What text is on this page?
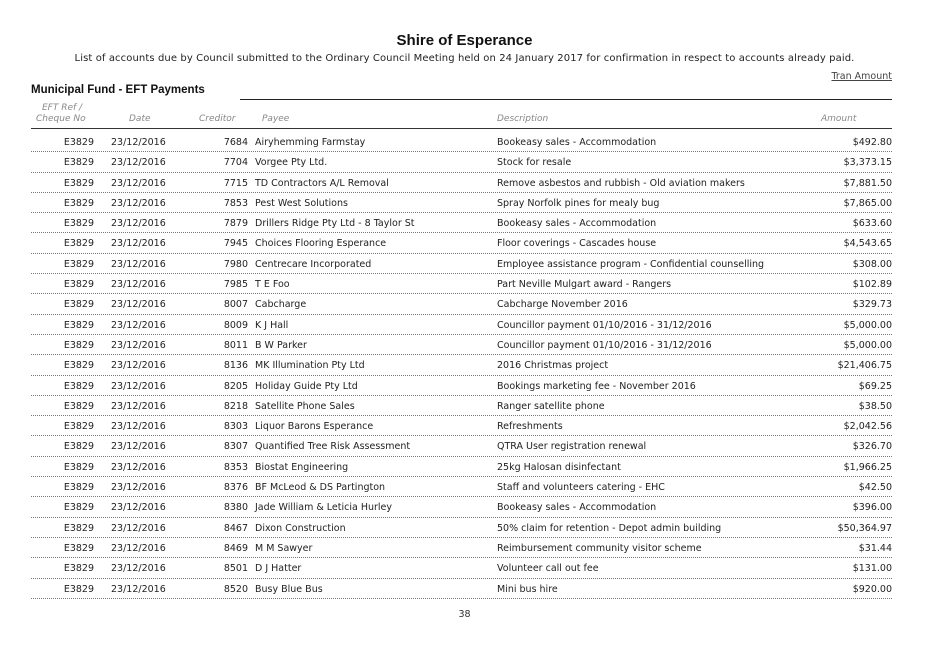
Shire of Esperance
List of accounts due by Council submitted to the Ordinary Council Meeting held on 24 January 2017 for confirmation in respect to accounts already paid.
Tran Amount
Municipal Fund - EFT Payments
EFT Ref /
Cheque No	Date	Creditor	Payee	Description	Amount
E3829 23/12/2016	7684 Airyhemming Farmstay	Bookeasy sales - Accommodation	$492.80
E3829 23/12/2016	7704 Vorgee Pty Ltd.	Stock for resale	$3,373.15
E3829 23/12/2016	7715 TD Contractors A/L Removal	Remove asbestos and rubbish - Old aviation makers	$7,881.50
E3829 23/12/2016	7853 Pest West Solutions	Spray Norfolk pines for mealy bug	$7,865.00
E3829 23/12/2016	7879 Drillers Ridge Pty Ltd - 8 Taylor St	Bookeasy sales - Accommodation	$633.60
E3829 23/12/2016	7945 Choices Flooring Esperance	Floor coverings - Cascades house	$4,543.65
E3829 23/12/2016	7980 Centrecare Incorporated	Employee assistance program - Confidential counselling	$308.00
E3829 23/12/2016	7985 T E Foo	Part Neville Mulgart award - Rangers	$102.89
E3829 23/12/2016	8007 Cabcharge	Cabcharge November 2016	$329.73
E3829 23/12/2016	8009 K J Hall	Councillor payment 01/10/2016 - 31/12/2016	$5,000.00
E3829 23/12/2016	8011 B W Parker	Councillor payment 01/10/2016 - 31/12/2016	$5,000.00
E3829 23/12/2016	8136 MK Illumination Pty Ltd	2016 Christmas project	$21,406.75
E3829 23/12/2016	8205 Holiday Guide Pty Ltd	Bookings marketing fee - November 2016	$69.25
E3829 23/12/2016	8218 Satellite Phone Sales	Ranger satellite phone	$38.50
E3829 23/12/2016	8303 Liquor Barons Esperance	Refreshments	$2,042.56
E3829 23/12/2016	8307 Quantified Tree Risk Assessment	QTRA User registration renewal	$326.70
E3829 23/12/2016	8353 Biostat Engineering	25kg Halosan disinfectant	$1,966.25
E3829 23/12/2016	8376 BF McLeod & DS Partington	Staff and volunteers catering - EHC	$42.50
E3829 23/12/2016	8380 Jade William & Leticia Hurley	Bookeasy sales - Accommodation	$396.00
E3829 23/12/2016	8467 Dixon Construction	50% claim for retention - Depot admin building	$50,364.97
E3829 23/12/2016	8469 M M Sawyer	Reimbursement community visitor scheme	$31.44
E3829 23/12/2016	8501 D J Hatter	Volunteer call out fee	$131.00
E3829 23/12/2016	8520 Busy Blue Bus	Mini bus hire	$920.00
38
